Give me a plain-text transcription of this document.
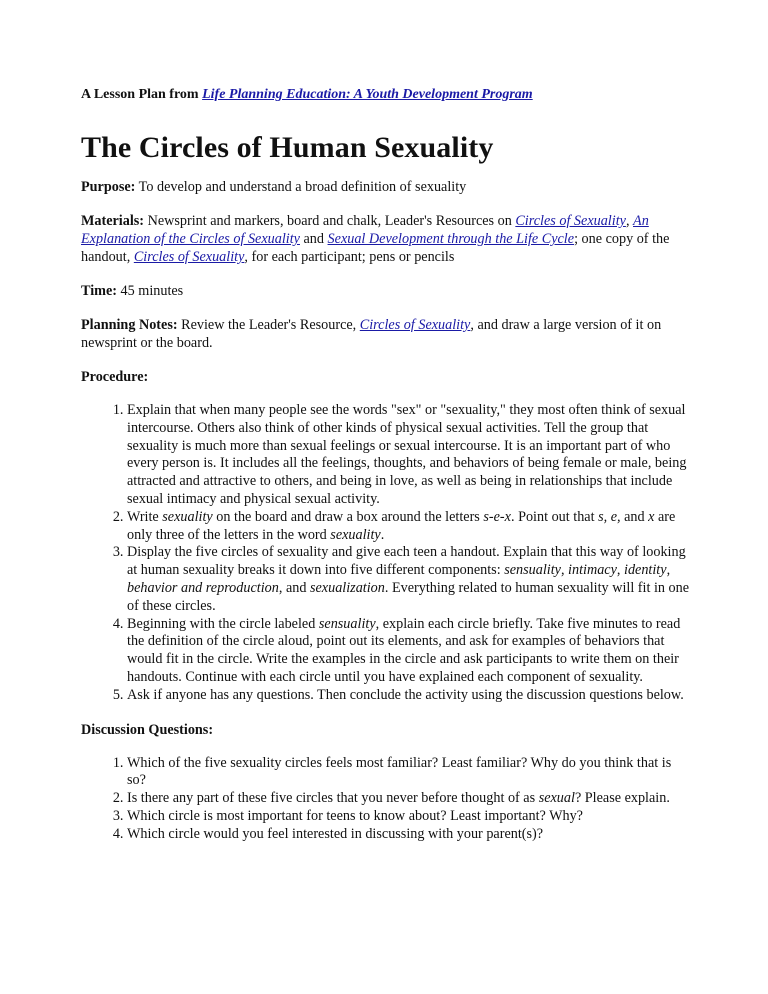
A Lesson Plan from Life Planning Education: A Youth Development Program

The Circles of Human Sexuality

Purpose: To develop and understand a broad definition of sexuality

Materials: Newsprint and markers, board and chalk, Leader's Resources on Circles of Sexuality, An Explanation of the Circles of Sexuality and Sexual Development through the Life Cycle; one copy of the handout, Circles of Sexuality, for each participant; pens or pencils

Time: 45 minutes

Planning Notes: Review the Leader's Resource, Circles of Sexuality, and draw a large version of it on newsprint or the board.

Procedure:

1. Explain that when many people see the words "sex" or "sexuality," they most often think of sexual intercourse. Others also think of other kinds of physical sexual activities. Tell the group that sexuality is much more than sexual feelings or sexual intercourse. It is an important part of who every person is. It includes all the feelings, thoughts, and behaviors of being female or male, being attracted and attractive to others, and being in love, as well as being in relationships that include sexual intimacy and physical sexual activity.
2. Write sexuality on the board and draw a box around the letters s-e-x. Point out that s, e, and x are only three of the letters in the word sexuality.
3. Display the five circles of sexuality and give each teen a handout. Explain that this way of looking at human sexuality breaks it down into five different components: sensuality, intimacy, identity, behavior and reproduction, and sexualization. Everything related to human sexuality will fit in one of these circles.
4. Beginning with the circle labeled sensuality, explain each circle briefly. Take five minutes to read the definition of the circle aloud, point out its elements, and ask for examples of behaviors that would fit in the circle. Write the examples in the circle and ask participants to write them on their handouts. Continue with each circle until you have explained each component of sexuality.
5. Ask if anyone has any questions. Then conclude the activity using the discussion questions below.

Discussion Questions:

1. Which of the five sexuality circles feels most familiar? Least familiar? Why do you think that is so?
2. Is there any part of these five circles that you never before thought of as sexual? Please explain.
3. Which circle is most important for teens to know about? Least important? Why?
4. Which circle would you feel interested in discussing with your parent(s)?
